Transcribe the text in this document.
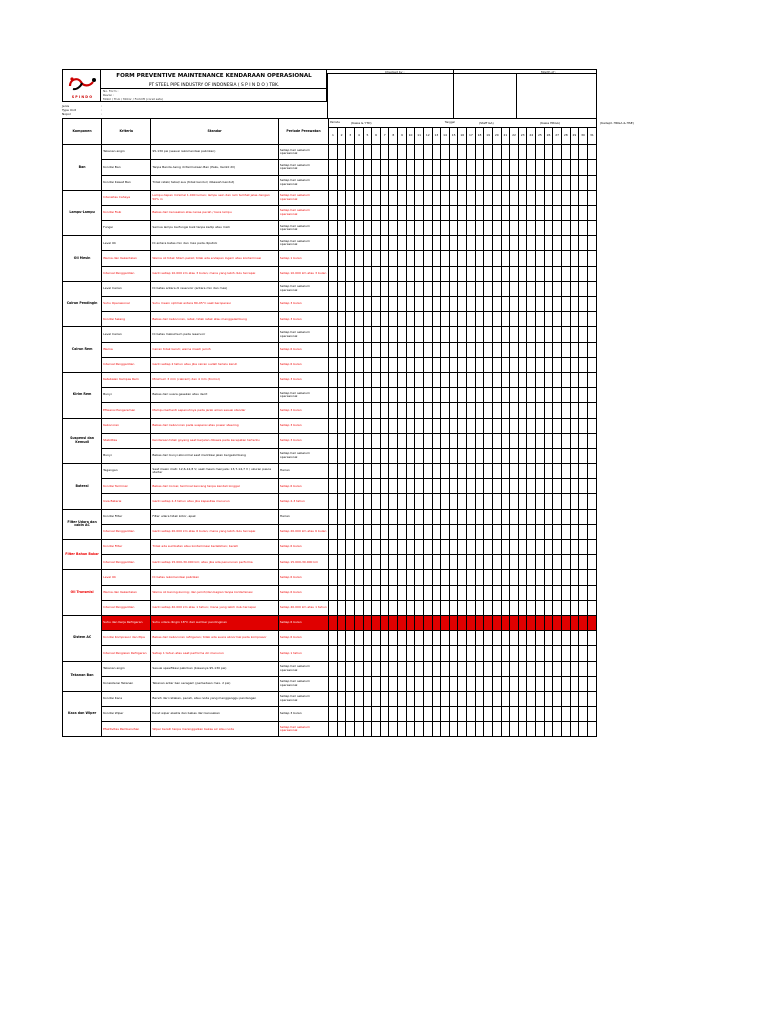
SPINDO
FORM PREVENTIVE MAINTENANCE KENDARAAN OPERASIONAL
PT STEEL PIPE INDUSTRY OF INDONESIA ( S P I N D O ) TBK.
No. Form :
Revisi :
Mobil / Truk / Motor / Forklift (coret satu)
Checked by :	Month of :
Jenis	:
Type Unit	:
Nopol	:
(Kasie & YTD)	(Staff GA)	(Kasie HRGA)	(Kadept. HRGA & HSE)
Komponen	Kriteria	Standar	Periode Perawatan	Periode Tanggal	
				1	2	3	4	5	6	7	8	9	10	11	12	13	14	15	16	17	18	19	20	21	22	23	24	25	26	27	28	29	30	31	
Ban	Tekanan angin	95-130 psi (sesuai rekomendasi pabrikan)	Setiap hari sebelum operasional																																
	Kondisi Ban	Tanpa Benda Asing di Permukaan Ban (Paku, Kerikil dll)	Setiap hari sebelum operasional																																
	Kondisi Kawat Ban	Tidak retak/ tebal/ aus (tidak kendur/ dibawah bendut)	Setiap hari sebelum operasional																																
Lampu-Lampu	Intensitas Cahaya	Lampu depan minimal 1.000 lumen; lampu sein dan rem terlihat jelas dengan 50% in	Setiap hari sebelum operasional																																
	Kondisi Fisik	Bebas dari kerusakan atau lensa pecah / kaca lampu	Setiap hari sebelum operasional																																
	Fungsi	Semua lampu berfungsi baik tanpa kedip atau mati	Setiap hari sebelum operasional																																
Oli Mesin	Level Oli	Di antara batas min dan max pada dipstick	Setiap hari sebelum operasional																																
	Warna dan Kekentalan	Warna oli tidak hitam pekat; tidak ada endapan logam atau kontaminasi	Setiap 1 bulan																																
	Interval Penggantian	Ganti setiap 10.000 km atau 3 bulan; mana yang lebih dulu tercapai	Setiap 10.000 km atau 3 bulan																																
Cairan Pendingin	Level Cairan	Di batas antara di reservoir (antara min dan max)	Setiap hari sebelum operasional																																
	Suhu Operasional	Suhu mesin optimal antara 80-95°C saat beroperasi	Setiap 3 bulan																																
	Kondisi Selang	Bebas dari kebocoran, retak, tidak retak atau menggelembung	Setiap 3 bulan																																
Cairan Rem	Level Cairan	Di batas maksimum pada reservoir	Setiap hari sebelum operasional																																
	Warna	Cairan tidak keruh; warna masih jernih	Setiap 6 bulan																																
	Interval Penggantian	Ganti setiap 2 tahun atau jika cairan sudah terlalu keruh	Setiap 6 bulan																																
Kirim Rem	Ketebalan Kampas Rem	Minimum 3 mm (cakram) dan 4 mm (tromol)	Setiap 3 bulan																																
	Bunyi	Bebas dari suara gesekan atau decit	Setiap hari sebelum operasional																																
	Efisiensi Pengereman	Mampu berhenti sepenuhnya pada jarak aman sesuai standar	Setiap 3 bulan																																
Suspensi dan Kemudi	Kebocoran	Bebas dari kebocoran pada suspensi atau power steering	Setiap 3 bulan																																
	Stabilitas	Kendaraan tidak goyang saat berjalan dibawa pada kecepatan tertentu	Setiap 3 bulan																																
	Bunyi	Bebas dari bunyi abnormal saat melintasi jalan bergelombang	Setiap hari sebelum operasional																																
Baterai	Tegangan	Saat mesin mati: 12,6-12,8 V; saat mesin menyala: 13,7-14,7 V / ukuran pasca starter	Harian																																
	Kondisi Terminal	Bebas dari korosi; terminal kencang tanpa kendali longgar	Setiap 6 bulan																																
	Usia Baterai	Ganti setiap 2-3 tahun atau jika kapasitas menurun	Setiap 2-3 tahun																																
Filter Udara dan cabin AC	Kondisi Filter	Filter udara tidak kotor, apek	Harian																																
	Interval Penggantian	Ganti setiap 20.000 km atau 6 bulan; mana yang lebih dulu tercapai	Setiap 20.000 km atau 6 bulan																																
Filter Bahan Bakar	Kondisi Filter	Tidak ada sumbatan atau kontaminasi berlebihan; bersih	Setiap 6 bulan																																
	Interval Penggantian	Ganti setiap 15.000-30.000 km; atau jika ada penurunan performa	Setiap 15.000-30.000 km																																
Oli Transmisi	Level Oli	Di batas rekomendasi pabrikan	Setiap 6 bulan																																
	Warna dan Kekentalan	Warna oli bening-kuning; dan jernih/dan bagian tanpa kontaminasi	Setiap 6 bulan																																
	Interval Penggantian	Ganti setiap 40.000 km atau 1 tahun; mana yang lebih dulu tercapai	Setiap 40.000 km atau 1 tahun																																
Sistem AC	Suhu dan Kerja Refrigeran	Suhu udara dingin 18°C dari sumber pendinginan	Setiap 6 bulan																																
	Kondisi Kompresor dan Pipa	Bebas dari kebocoran refrigeran; tidak ada suara abnormal pada kompresor	Setiap 6 bulan																																
	Interval Pengisian Refrigeran	Setiap 1 tahun atau saat performa AC menurun	Setiap 1 tahun																																
Tekanan Ban	Tekanan angin	Sesuai spesifikasi pabrikan (biasanya 95-130 psi)	Setiap hari sebelum operasional																																
	Konsistensi Tekanan	Tekanan antar ban seragam (perbedaan max. 2 psi)	Setiap hari sebelum operasional																																
Kaca dan Wiper	Kondisi Kaca	Bersih dari retakan, pecah, atau noda yang mengganggu pandangan	Setiap hari sebelum operasional																																
	Kondisi Wiper	Karet wiper elastis dan bebas dari kerusakan	Setiap 3 bulan																																
	Efektivitas Pembersihan	Wiper bersih tanpa meninggalkan bekas air atau noda	Setiap hari sebelum operasional																																
